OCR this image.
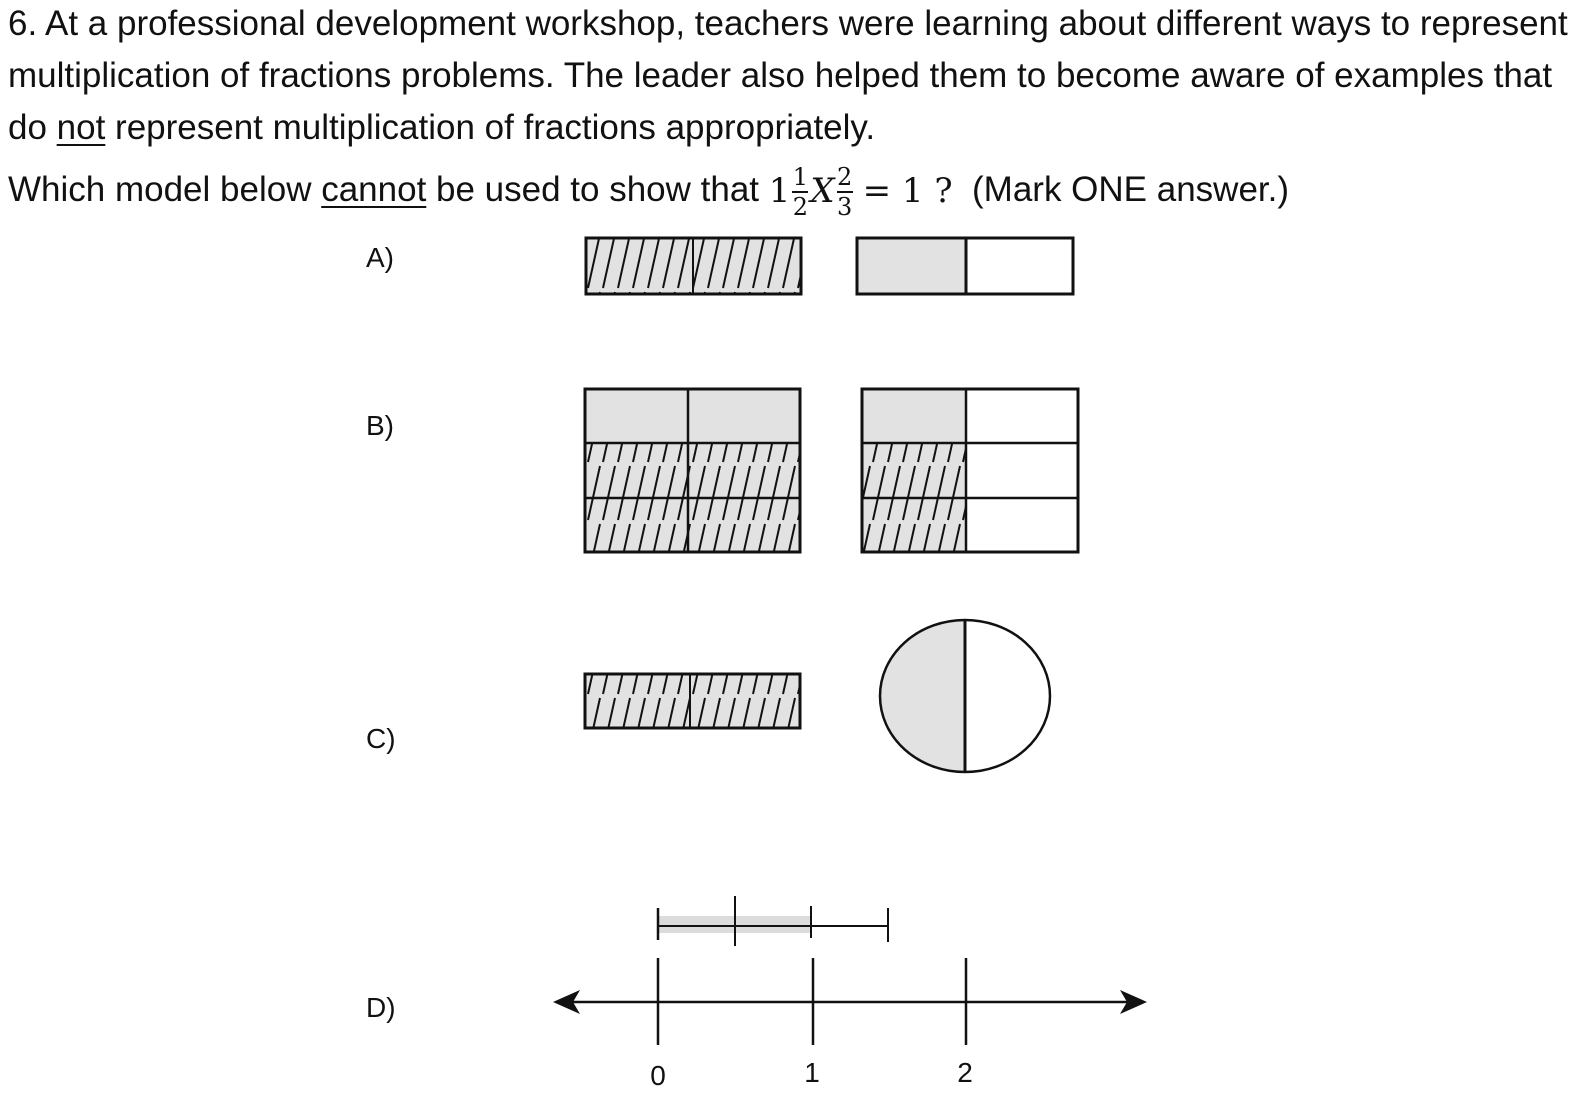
6. At a professional development workshop, teachers were learning about different ways to represent multiplication of fractions problems. The leader also helped them to become aware of examples that do not represent multiplication of fractions appropriately.

Which model below cannot be used to show that $1 \frac{1}{2}$ X $\frac{2}{3} = 1$ ? (Mark ONE answer.)

A)
B)
C)
D)
0	1	2
